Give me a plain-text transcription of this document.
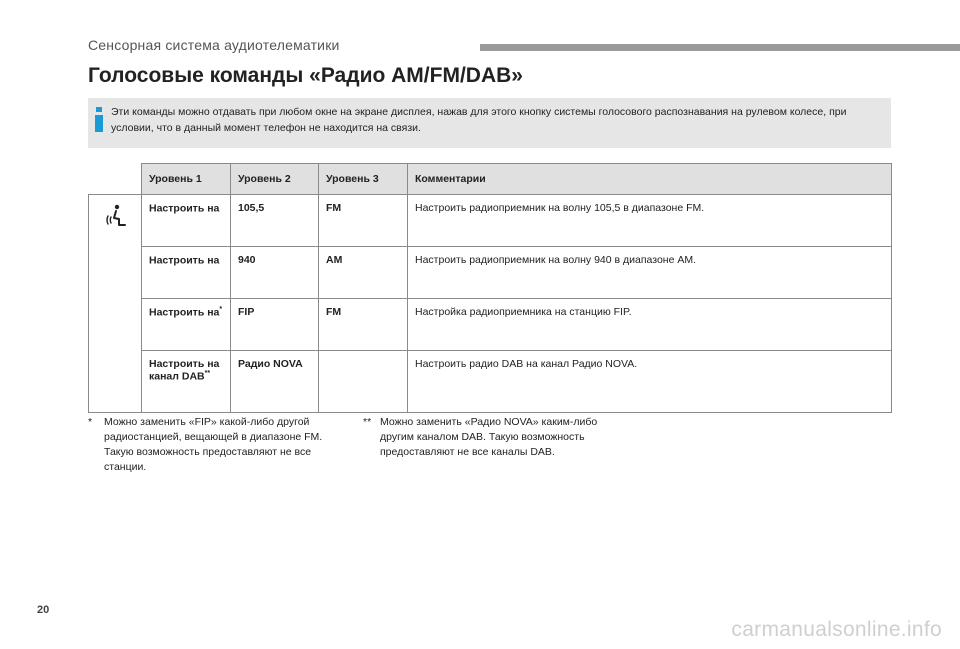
Сенсорная система аудиотелематики
Голосовые команды «Радио AM/FM/DAB»
Эти команды можно отдавать при любом окне на экране дисплея, нажав для этого кнопку системы голосового распознавания на рулевом колесе, при условии, что в данный момент телефон не находится на связи.
	Уровень 1	Уровень 2	Уровень 3	Комментарии

	Настроить на	105,5	FM	Настроить радиоприемник на волну 105,5 в диапазоне FM.
	Настроить на	940	AM	Настроить радиоприемник на волну 940 в диапазоне AM.
	Настроить на*	FIP	FM	Настройка радиоприемника на станцию FIP.
	Настроить на канал DAB**	Радио NOVA		Настроить радио DAB на канал Радио NOVA.
* Можно заменить «FIP» какой-либо другой радиостанцией, вещающей в диапазоне FM. Такую возможность предоставляют не все станции.
** Можно заменить «Радио NOVA» каким-либо другим каналом DAB. Такую возможность предоставляют не все каналы DAB.
20
carmanualsonline.info
